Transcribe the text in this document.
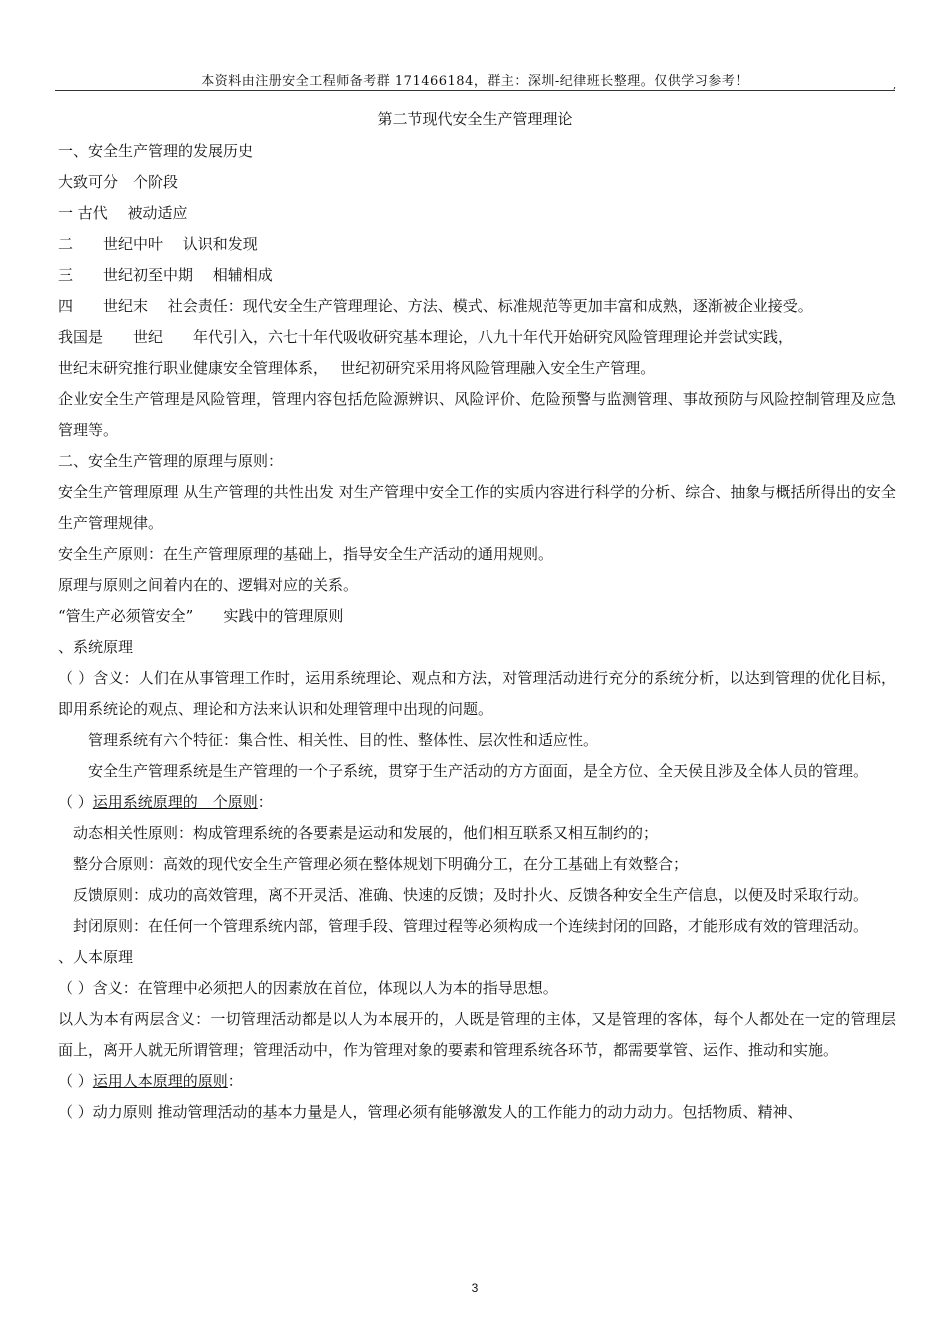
本资料由注册安全工程师备考群 171466184，群主：深圳-纪律班长整理。仅供学习参考！	,
第二节现代安全生产管理理论
一、安全生产管理的发展历史
大致可分　个阶段
一 古代　 被动适应
二　　世纪中叶　 认识和发现
三　　世纪初至中期　 相辅相成
四　　世纪末　 社会责任：现代安全生产管理理论、方法、模式、标准规范等更加丰富和成熟，逐渐被企业接受。
我国是　　世纪　　年代引入，六七十年代吸收研究基本理论，八九十年代开始研究风险管理理论并尝试实践，
世纪末研究推行职业健康安全管理体系，　 世纪初研究采用将风险管理融入安全生产管理。
企业安全生产管理是风险管理，管理内容包括危险源辨识、风险评价、危险预警与监测管理、事故预防与风险控制管理及应急管理等。
二、安全生产管理的原理与原则：
安全生产管理原理 从生产管理的共性出发 对生产管理中安全工作的实质内容进行科学的分析、综合、抽象与概括所得出的安全生产管理规律。
安全生产原则：在生产管理原理的基础上，指导安全生产活动的通用规则。
原理与原则之间着内在的、逻辑对应的关系。
“管生产必须管安全”　　实践中的管理原则
、系统原理
（ ）含义：人们在从事管理工作时，运用系统理论、观点和方法，对管理活动进行充分的系统分析，以达到管理的优化目标，即用系统论的观点、理论和方法来认识和处理管理中出现的问题。
　　管理系统有六个特征：集合性、相关性、目的性、整体性、层次性和适应性。
　　安全生产管理系统是生产管理的一个子系统，贯穿于生产活动的方方面面，是全方位、全天侯且涉及全体人员的管理。
（ ）运用系统原理的　个原则：
　动态相关性原则：构成管理系统的各要素是运动和发展的，他们相互联系又相互制约的；
　整分合原则：高效的现代安全生产管理必须在整体规划下明确分工，在分工基础上有效整合；
　反馈原则：成功的高效管理，离不开灵活、准确、快速的反馈；及时扑火、反馈各种安全生产信息，以便及时采取行动。
　封闭原则：在任何一个管理系统内部，管理手段、管理过程等必须构成一个连续封闭的回路，才能形成有效的管理活动。
、人本原理
（ ）含义：在管理中必须把人的因素放在首位，体现以人为本的指导思想。
以人为本有两层含义：一切管理活动都是以人为本展开的，人既是管理的主体，又是管理的客体，每个人都处在一定的管理层面上，离开人就无所谓管理；管理活动中，作为管理对象的要素和管理系统各环节，都需要掌管、运作、推动和实施。
（ ）运用人本原理的原则：
（ ）动力原则 推动管理活动的基本力量是人，管理必须有能够激发人的工作能力的动力动力。包括物质、精神、
3
